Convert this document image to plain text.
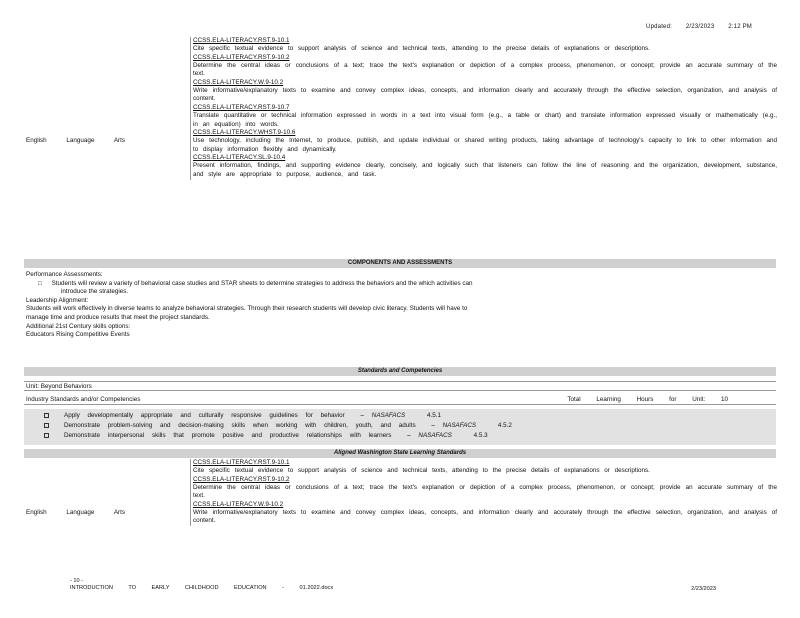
Updated: 2/23/2023 2:12 PM
English Language Arts
CCSS.ELA-LITERACY.RST.9-10.1
Cite specific textual evidence to support analysis of science and technical texts, attending to the precise details of explanations or descriptions.
CCSS.ELA-LITERACY.RST.9-10.2
Determine the central ideas or conclusions of a text; trace the text's explanation or depiction of a complex process, phenomenon, or concept; provide an accurate summary of the text.
CCSS.ELA-LITERACY.W.9-10.2
Write informative/explanatory texts to examine and convey complex ideas, concepts, and information clearly and accurately through the effective selection, organization, and analysis of content.
CCSS.ELA-LITERACY.RST.9-10.7
Translate quantitative or technical information expressed in words in a text into visual form (e.g., a table or chart) and translate information expressed visually or mathematically (e.g., in an equation) into words.
CCSS.ELA-LITERACY.WHST.9-10.6
Use technology, including the Internet, to produce, publish, and update individual or shared writing products, taking advantage of technology's capacity to link to other information and to display information flexibly and dynamically.
CCSS.ELA-LITERACY.SL.9-10.4
Present information, findings, and supporting evidence clearly, concisely, and logically such that listeners can follow the line of reasoning and the organization, development, substance, and style are appropriate to purpose, audience, and task.
COMPONENTS AND ASSESSMENTS
Performance Assessments:
□ Students will review a variety of behavioral case studies and STAR sheets to determine strategies to address the behaviors and the which activities can
introduce the strategies.
Leadership Alignment:
Students will work effectively in diverse teams to analyze behavioral strategies. Through their research students will develop civic literacy. Students will have to
manage time and produce results that meet the project standards.
Additional 21st Century skills options:
Educators Rising Competitive Events
Standards and Competencies
Unit: Beyond Behaviors
Industry Standards and/or Competencies	Total Learning Hours for Unit:	10
Apply developmentally appropriate and culturally responsive guidelines for behavior	– NASAFACS	4.5.1
Demonstrate problem-solving and decision-making skills when working with children, youth, and adults	– NASAFACS	4.5.2
Demonstrate interpersonal skills that promote positive and productive relationships with learners	– NASAFACS	4.5.3
Aligned Washington State Learning Standards
English Language Arts
CCSS.ELA-LITERACY.RST.9-10.1
Cite specific textual evidence to support analysis of science and technical texts, attending to the precise details of explanations or descriptions.
CCSS.ELA-LITERACY.RST.9-10.2
Determine the central ideas or conclusions of a text; trace the text's explanation or depiction of a complex process, phenomenon, or concept; provide an accurate summary of the text.
CCSS.ELA-LITERACY.W.9-10.2
Write informative/explanatory texts to examine and convey complex ideas, concepts, and information clearly and accurately through the effective selection, organization, and analysis of content.
- 10 -
INTRODUCTION TO EARLY CHILDHOOD EDUCATION - 01.2022.docx	2/23/2023
